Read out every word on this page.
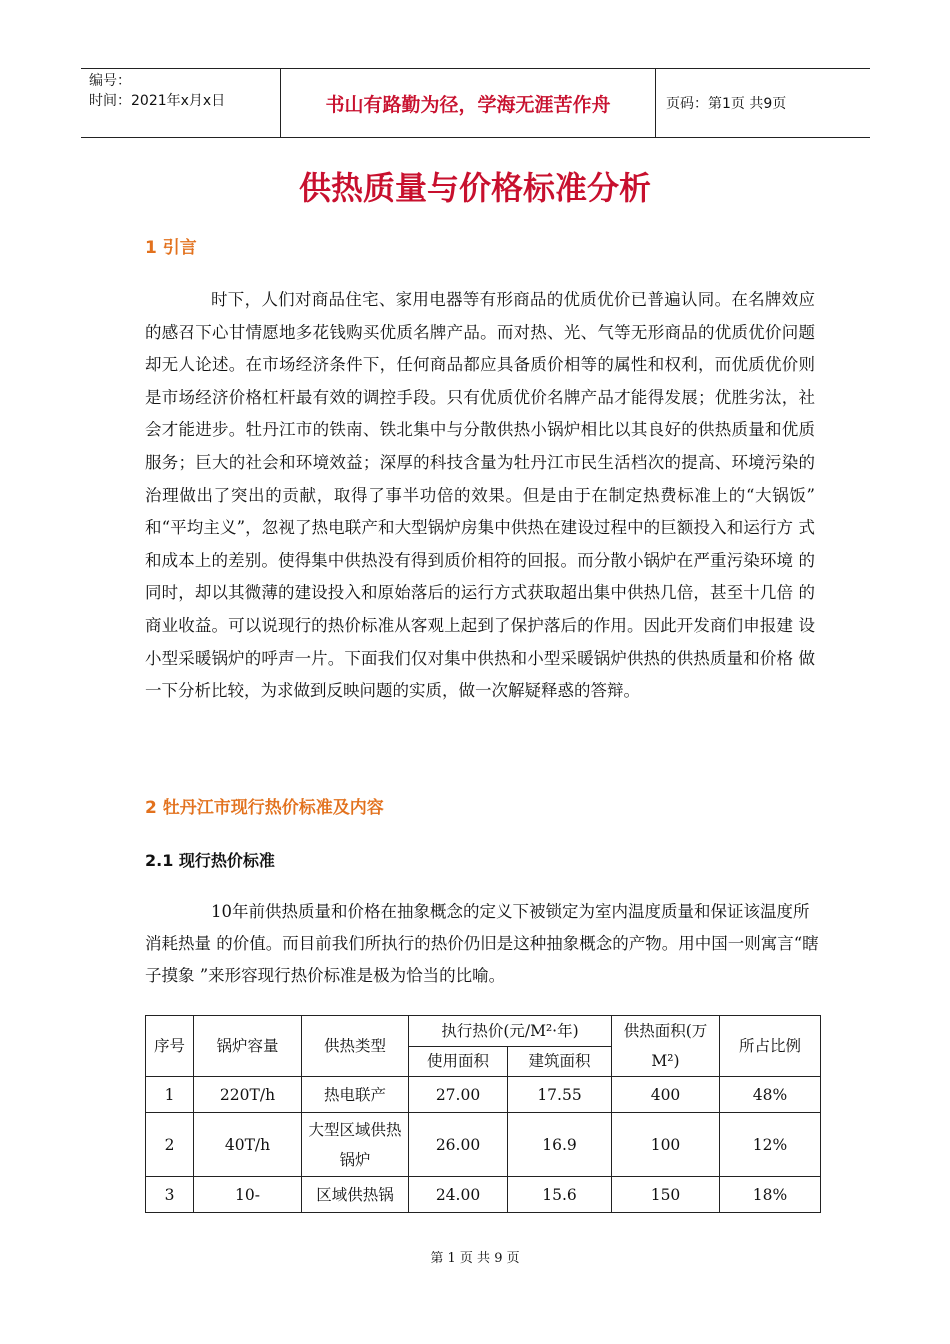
编号：
时间：2021年x月x日	书山有路勤为径，学海无涯苦作舟	页码：第1页 共9页
供热质量与价格标准分析
1 引言
时下，人们对商品住宅、家用电器等有形商品的优质优价已普遍认同。在名牌效应 的感召下心甘情愿地多花钱购买优质名牌产品。而对热、光、气等无形商品的优质优价问题 却无人论述。在市场经济条件下，任何商品都应具备质价相等的属性和权利，而优质优价则 是市场经济价格杠杆最有效的调控手段。只有优质优价名牌产品才能得发展；优胜劣汰，社 会才能进步。牡丹江市的铁南、铁北集中与分散供热小锅炉相比以其良好的供热质量和优质服务；巨大的社会和环境效益；深厚的科技含量为牡丹江市民生活档次的提高、环境污染的治理做出了突出的贡献，取得了事半功倍的效果。但是由于在制定热费标准上的“大锅饭” 和“平均主义”，忽视了热电联产和大型锅炉房集中供热在建设过程中的巨额投入和运行方 式和成本上的差别。使得集中供热没有得到质价相符的回报。而分散小锅炉在严重污染环境 的同时，却以其微薄的建设投入和原始落后的运行方式获取超出集中供热几倍，甚至十几倍 的商业收益。可以说现行的热价标准从客观上起到了保护落后的作用。因此开发商们申报建 设小型采暖锅炉的呼声一片。下面我们仅对集中供热和小型采暖锅炉供热的供热质量和价格 做一下分析比较，为求做到反映问题的实质，做一次解疑释惑的答辩。
2 牡丹江市现行热价标准及内容
2.1 现行热价标准
10年前供热质量和价格在抽象概念的定义下被锁定为室内温度质量和保证该温度所消耗热量 的价值。而目前我们所执行的热价仍旧是这种抽象概念的产物。用中国一则寓言“瞎子摸象 ”来形容现行热价标准是极为恰当的比喻。
序号	锅炉容量	供热类型	执行热价(元/M²·年)		供热面积(万M²)	所占比例
			使用面积	建筑面积		
1	220T/h	热电联产	27.00	17.55	400	48%
2	40T/h	大型区域供热锅炉	26.00	16.9	100	12%
3	10-	区域供热锅	24.00	15.6	150	18%
第 1 页 共 9 页
